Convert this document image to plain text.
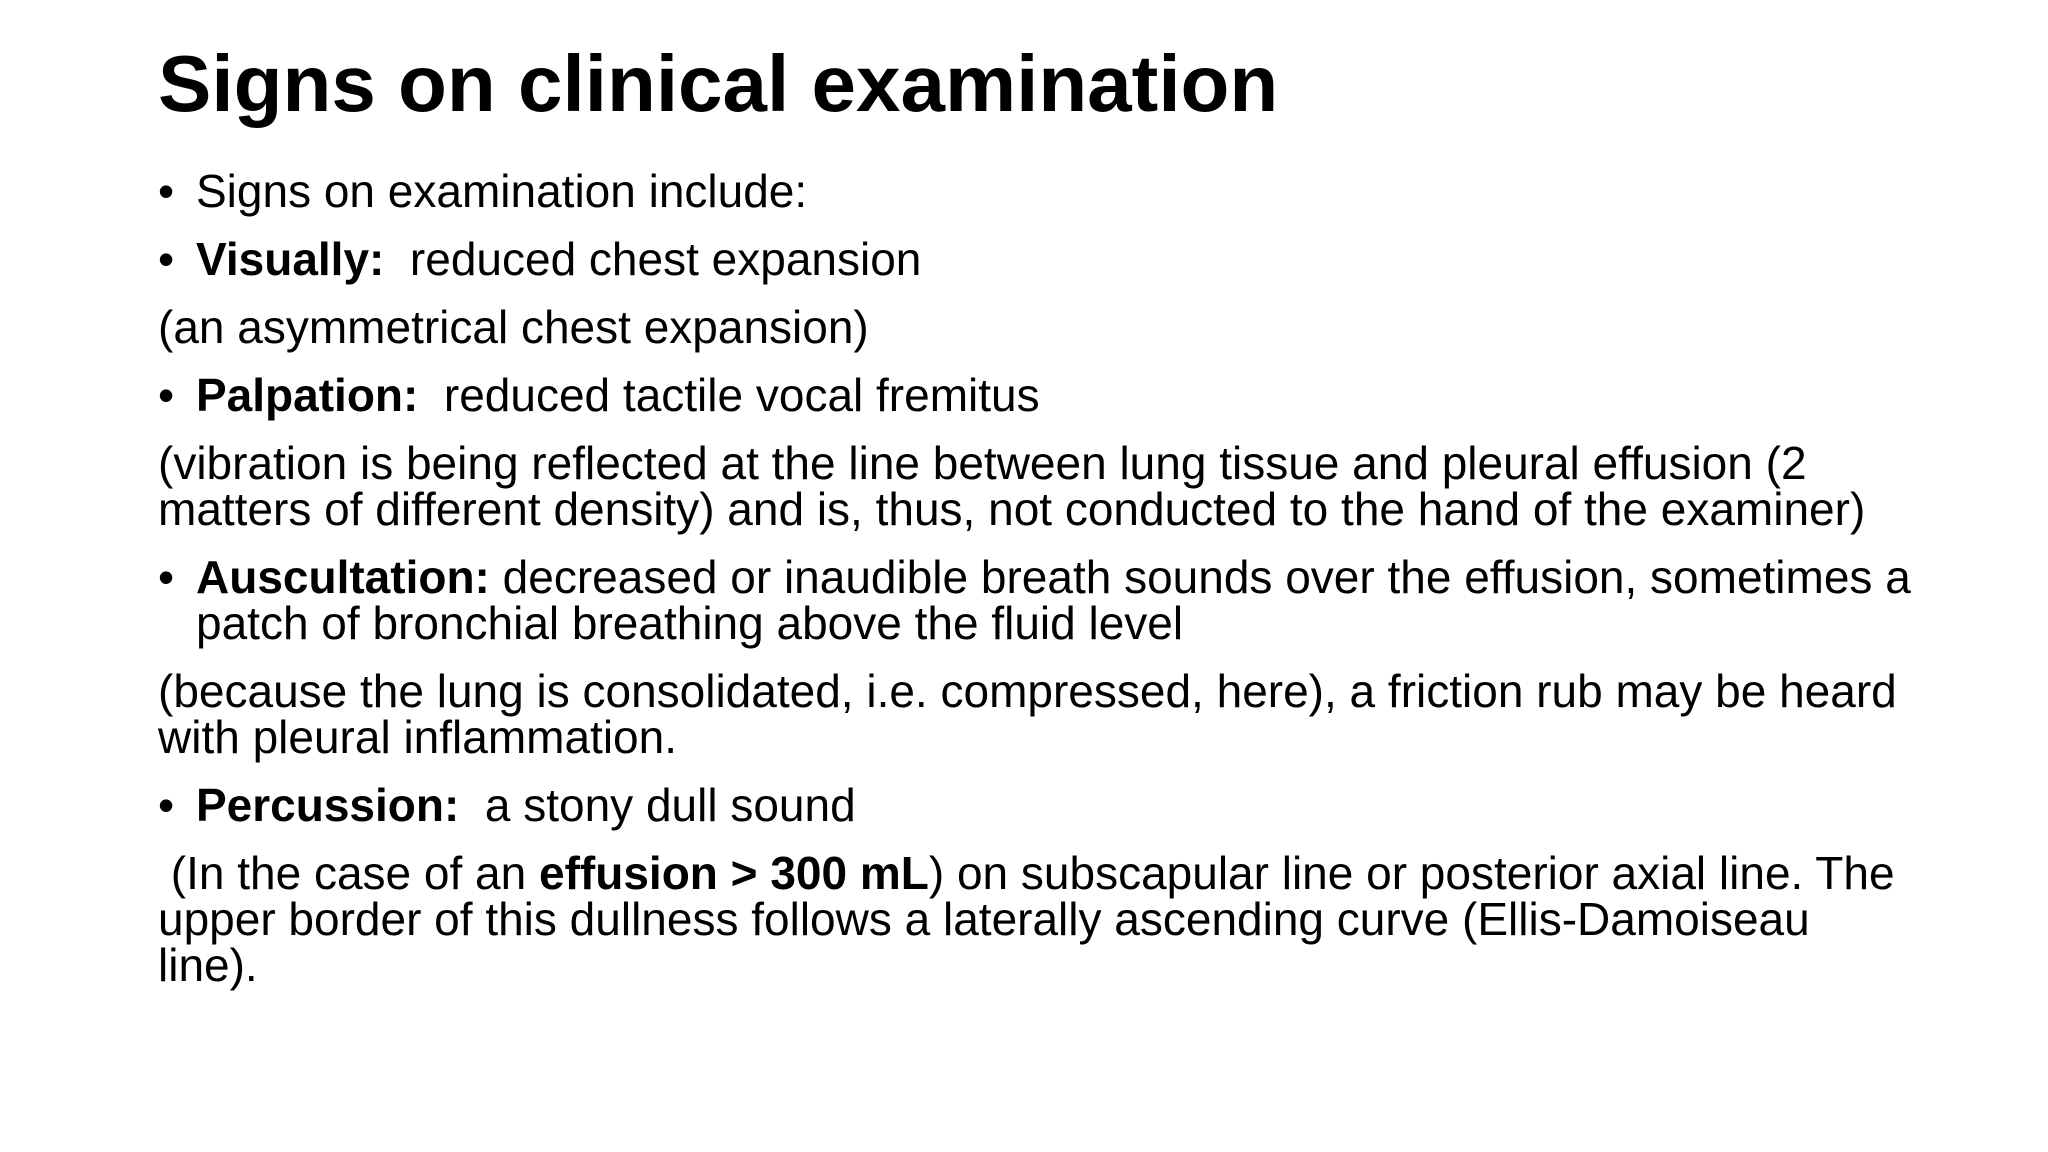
Signs on clinical examination

• Signs on examination include:

• Visually:  reduced chest expansion

(an asymmetrical chest expansion)

• Palpation:  reduced tactile vocal fremitus

(vibration is being reflected at the line between lung tissue and pleural effusion (2 matters of different density) and is, thus, not conducted to the hand of the examiner)

• Auscultation: decreased or inaudible breath sounds over the effusion, sometimes a patch of bronchial breathing above the fluid level

(because the lung is consolidated, i.e. compressed, here), a friction rub may be heard with pleural inflammation.

• Percussion:  a stony dull sound

(In the case of an effusion > 300 mL) on subscapular line or posterior axial line. The upper border of this dullness follows a laterally ascending curve (Ellis-Damoiseau line).
